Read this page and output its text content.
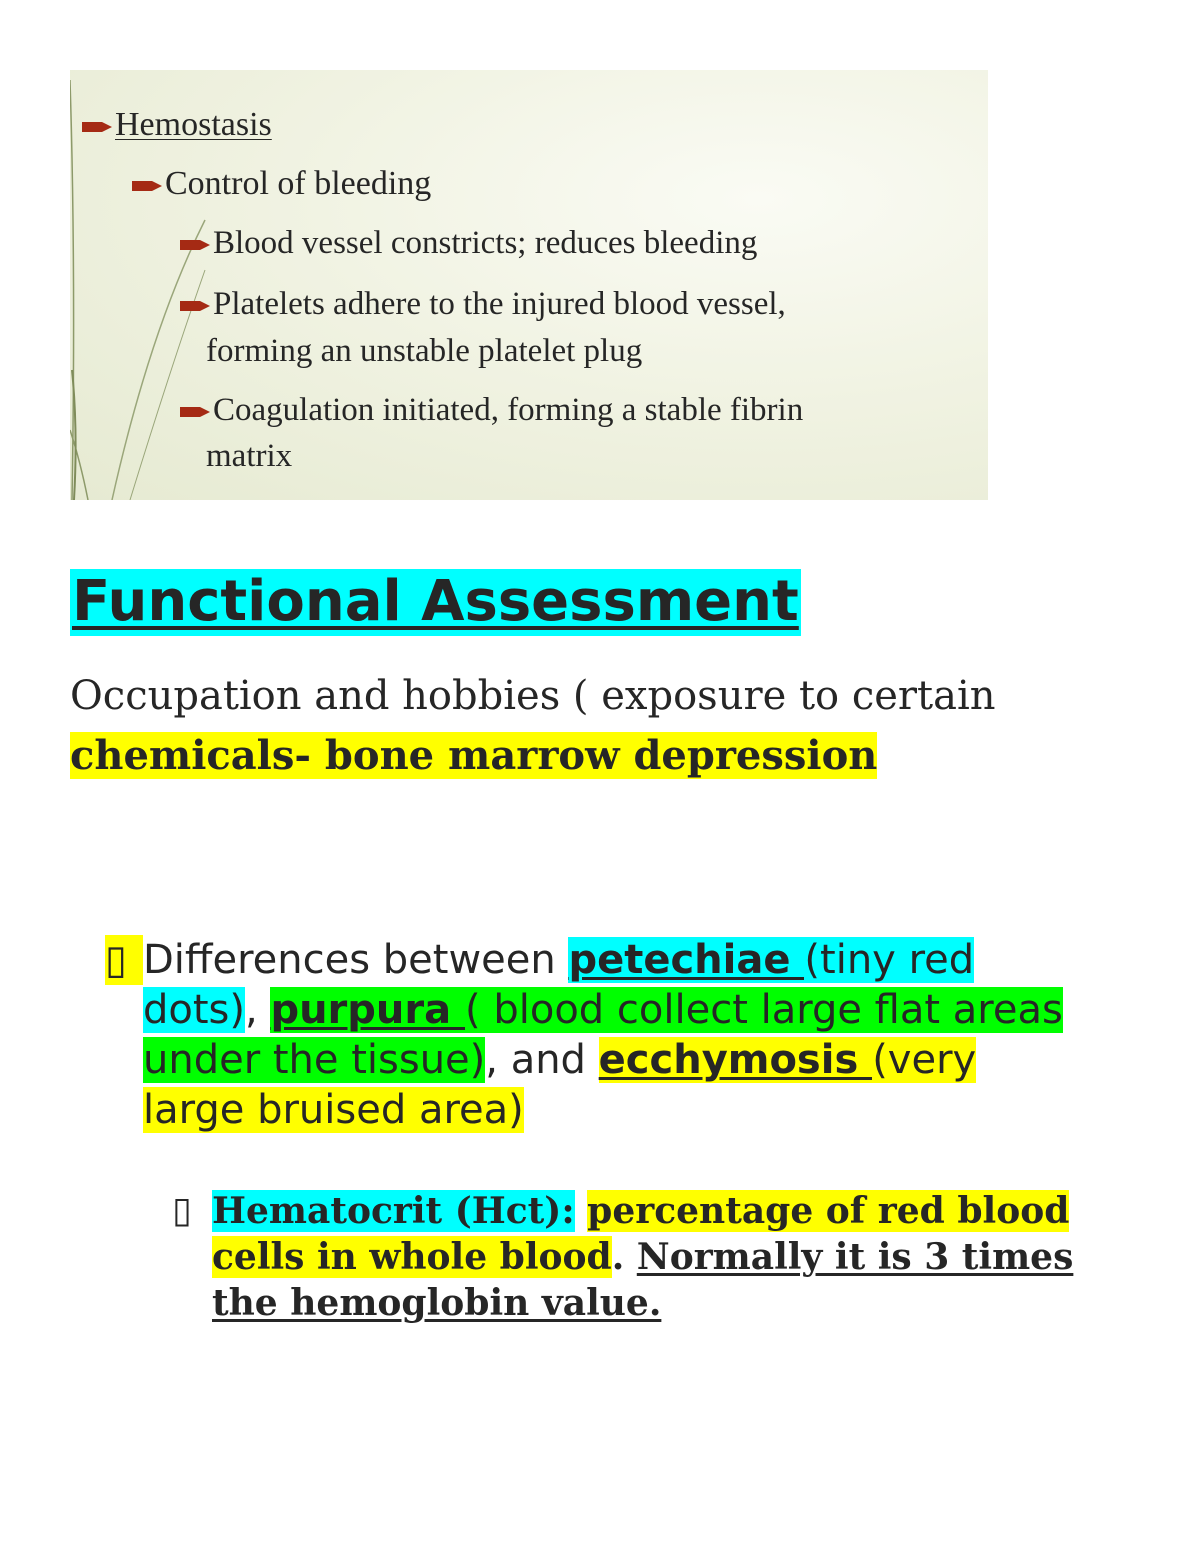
Hemostasis
Control of bleeding
Blood vessel constricts; reduces bleeding
Platelets adhere to the injured blood vessel,
forming an unstable platelet plug
Coagulation initiated, forming a stable fibrin
matrix
Functional Assessment
Occupation and hobbies ( exposure to certain chemicals- bone marrow depression
▯ Differences between petechiae (tiny red dots), purpura ( blood collect large flat areas under the tissue), and ecchymosis (very large bruised area)
▯ Hematocrit (Hct): percentage of red blood cells in whole blood. Normally it is 3 times the hemoglobin value.
